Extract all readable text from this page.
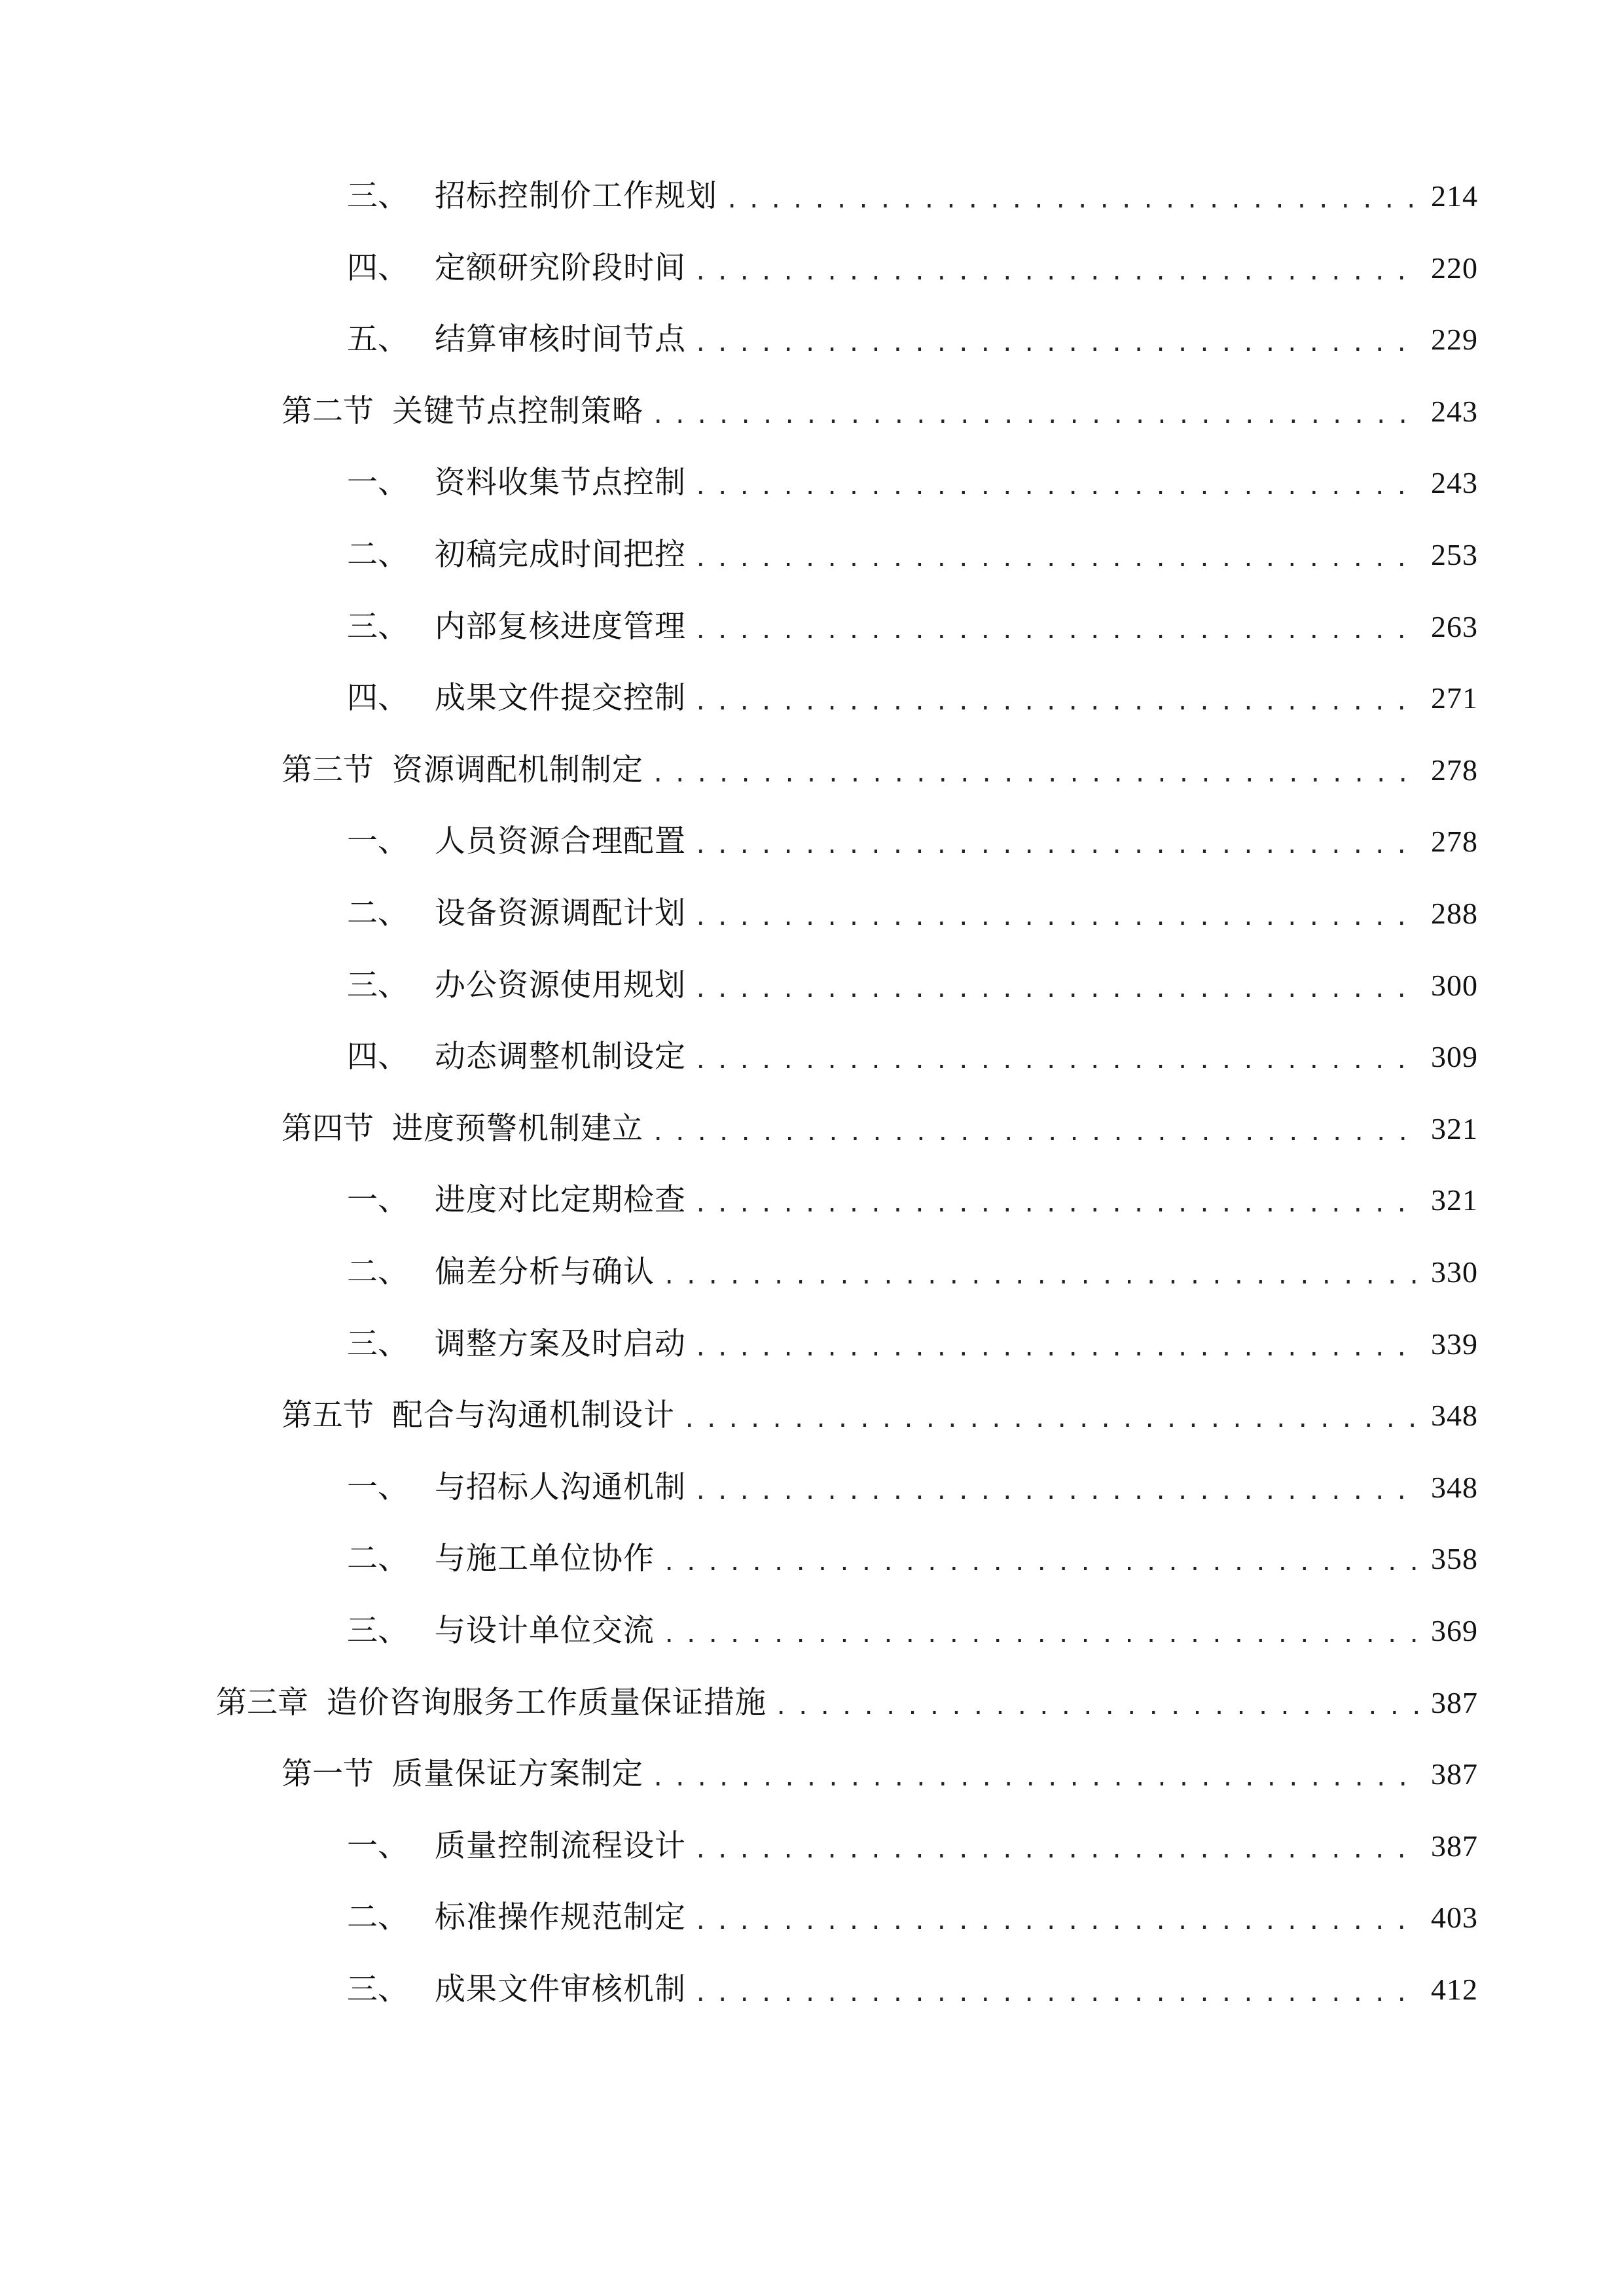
三、 招标控制价工作规划 .....	214
四、 定额研究阶段时间 .....	220
五、 结算审核时间节点 .....	229
第二节 关键节点控制策略 .....	243
一、 资料收集节点控制 .....	243
二、 初稿完成时间把控 .....	253
三、 内部复核进度管理 .....	263
四、 成果文件提交控制 .....	271
第三节 资源调配机制制定 .....	278
一、 人员资源合理配置 .....	278
二、 设备资源调配计划 .....	288
三、 办公资源使用规划 .....	300
四、 动态调整机制设定 .....	309
第四节 进度预警机制建立 .....	321
一、 进度对比定期检查 .....	321
二、 偏差分析与确认 .....	330
三、 调整方案及时启动 .....	339
第五节 配合与沟通机制设计 .....	348
一、 与招标人沟通机制 .....	348
二、 与施工单位协作 .....	358
三、 与设计单位交流 .....	369
第三章 造价咨询服务工作质量保证措施 .....	387
第一节 质量保证方案制定 .....	387
一、 质量控制流程设计 .....	387
二、 标准操作规范制定 .....	403
三、 成果文件审核机制 .....	412
